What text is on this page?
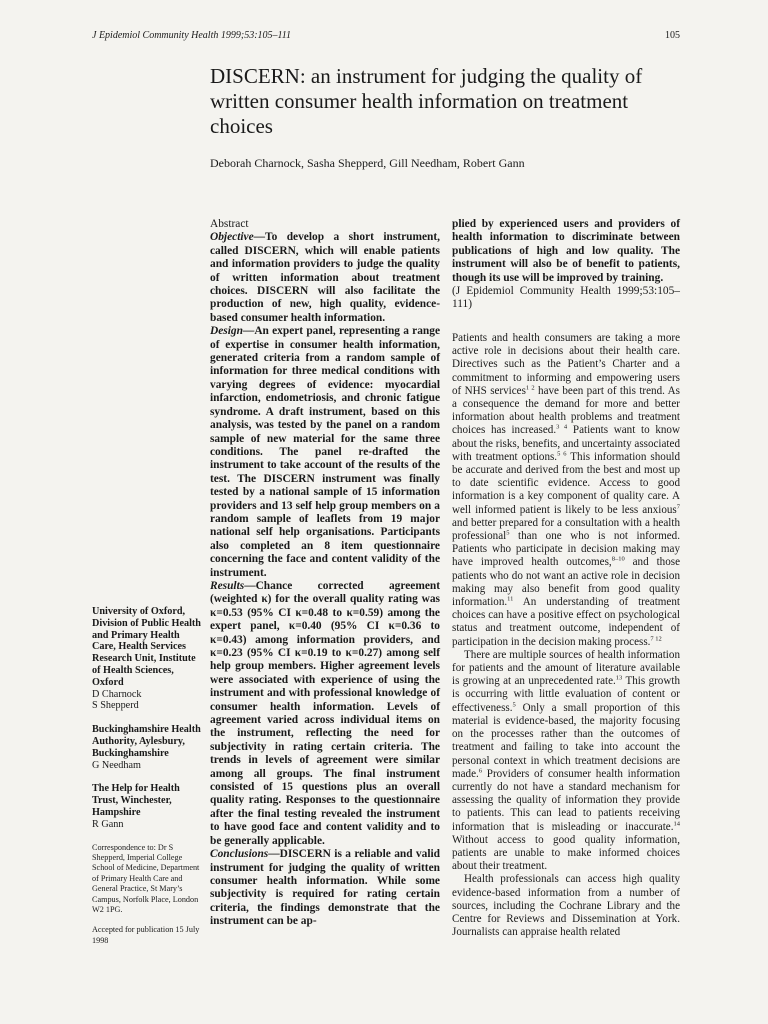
J Epidemiol Community Health 1999;53:105–111	105
DISCERN: an instrument for judging the quality of written consumer health information on treatment choices

Deborah Charnock, Sasha Shepperd, Gill Needham, Robert Gann

Abstract
Objective—To develop a short instrument, called DISCERN, which will enable patients and information providers to judge the quality of written information about treatment choices. DISCERN will also facilitate the production of new, high quality, evidence-based consumer health information.
Design—An expert panel, representing a range of expertise in consumer health information, generated criteria from a random sample of information for three medical conditions with varying degrees of evidence: myocardial infarction, endometriosis, and chronic fatigue syndrome. A draft instrument, based on this analysis, was tested by the panel on a random sample of new material for the same three conditions. The panel re-drafted the instrument to take account of the results of the test. The DISCERN instrument was finally tested by a national sample of 15 information providers and 13 self help group members on a random sample of leaflets from 19 major national self help organisations. Participants also completed an 8 item questionnaire concerning the face and content validity of the instrument.
Results—Chance corrected agreement (weighted κ) for the overall quality rating was κ=0.53 (95% CI κ=0.48 to κ=0.59) among the expert panel, κ=0.40 (95% CI κ=0.36 to κ=0.43) among information providers, and κ=0.23 (95% CI κ=0.19 to κ=0.27) among self help group members. Higher agreement levels were associated with experience of using the instrument and with professional knowledge of consumer health information. Levels of agreement varied across individual items on the instrument, reflecting the need for subjectivity in rating certain criteria. The trends in levels of agreement were similar among all groups. The final instrument consisted of 15 questions plus an overall quality rating. Responses to the questionnaire after the final testing revealed the instrument to have good face and content validity and to be generally applicable.
Conclusions—DISCERN is a reliable and valid instrument for judging the quality of written consumer health information. While some subjectivity is required for rating certain criteria, the findings demonstrate that the instrument can be ap-
plied by experienced users and providers of health information to discriminate between publications of high and low quality. The instrument will also be of benefit to patients, though its use will be improved by training.
(J Epidemiol Community Health 1999;53:105–111)

Patients and health consumers are taking a more active role in decisions about their health care. Directives such as the Patient’s Charter and a commitment to informing and empowering users of NHS services$^{1 2}$ have been part of this trend. As a consequence the demand for more and better information about health problems and treatment choices has increased.$^{3 4}$ Patients want to know about the risks, benefits, and uncertainty associated with treatment options.$^{5 6}$ This information should be accurate and derived from the best and most up to date scientific evidence. Access to good information is a key component of quality care. A well informed patient is likely to be less anxious$^7$ and better prepared for a consultation with a health professional$^5$ than one who is not informed. Patients who participate in decision making may have improved health outcomes,$^{8-10}$ and those patients who do not want an active role in decision making may also benefit from good quality information.$^{11}$ An understanding of treatment choices can have a positive effect on psychological status and treatment outcome, independent of participation in the decision making process.$^{7 12}$

There are multiple sources of health information for patients and the amount of literature available is growing at an unprecedented rate.$^{13}$ This growth is occurring with little evaluation of content or effectiveness.$^5$ Only a small proportion of this material is evidence-based, the majority focusing on the processes rather than the outcomes of treatment and failing to take into account the personal context in which treatment decisions are made.$^6$ Providers of consumer health information currently do not have a standard mechanism for assessing the quality of information they provide to patients. This can lead to patients receiving information that is misleading or inaccurate.$^{14}$ Without access to good quality information, patients are unable to make informed choices about their treatment.

Health professionals can access high quality evidence-based information from a number of sources, including the Cochrane Library and the Centre for Reviews and Dissemination at York. Journalists can appraise health related

University of Oxford, Division of Public Health and Primary Health Care, Health Services Research Unit, Institute of Health Sciences, Oxford
D Charnock
S Shepperd
Buckinghamshire Health Authority, Aylesbury, Buckinghamshire
G Needham
The Help for Health Trust, Winchester, Hampshire
R Gann

Correspondence to: Dr S Shepperd, Imperial College School of Medicine, Department of Primary Health Care and General Practice, St Mary’s Campus, Norfolk Place, London W2 1PG.

Accepted for publication 15 July 1998
